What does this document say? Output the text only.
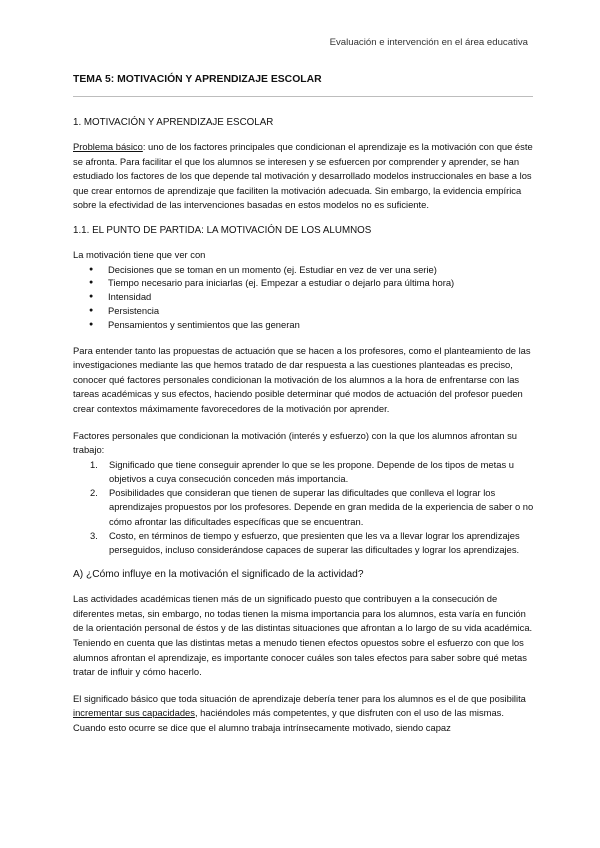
Evaluación e intervención en el área educativa
TEMA 5: MOTIVACIÓN Y APRENDIZAJE ESCOLAR
1. MOTIVACIÓN Y APRENDIZAJE ESCOLAR

Problema básico: uno de los factores principales que condicionan el aprendizaje es la motivación con que éste se afronta. Para facilitar el que los alumnos se interesen y se esfuercen por comprender y aprender, se han estudiado los factores de los que depende tal motivación y desarrollado modelos instruccionales en base a los que crear entornos de aprendizaje que faciliten la motivación adecuada. Sin embargo, la evidencia empírica sobre la efectividad de las intervenciones basadas en estos modelos no es suficiente.

1.1. EL PUNTO DE PARTIDA: LA MOTIVACIÓN DE LOS ALUMNOS

La motivación tiene que ver con

● Decisiones que se toman en un momento (ej. Estudiar en vez de ver una serie)
● Tiempo necesario para iniciarlas (ej. Empezar a estudiar o dejarlo para última hora)
● Intensidad
● Persistencia
● Pensamientos y sentimientos que las generan

Para entender tanto las propuestas de actuación que se hacen a los profesores, como el planteamiento de las investigaciones mediante las que hemos tratado de dar respuesta a las cuestiones planteadas es preciso, conocer qué factores personales condicionan la motivación de los alumnos a la hora de enfrentarse con las tareas académicas y sus efectos, haciendo posible determinar qué modos de actuación del profesor pueden crear contextos máximamente favorecedores de la motivación por aprender.

Factores personales que condicionan la motivación (interés y esfuerzo) con la que los alumnos afrontan su trabajo:

1. Significado que tiene conseguir aprender lo que se les propone. Depende de los tipos de metas u objetivos a cuya consecución conceden más importancia.
2. Posibilidades que consideran que tienen de superar las dificultades que conlleva el lograr los aprendizajes propuestos por los profesores. Depende en gran medida de la experiencia de saber o no cómo afrontar las dificultades específicas que se encuentran.
3. Costo, en términos de tiempo y esfuerzo, que presienten que les va a llevar lograr los aprendizajes perseguidos, incluso considerándose capaces de superar las dificultades y lograr los aprendizajes.
A) ¿Cómo influye en la motivación el significado de la actividad?

Las actividades académicas tienen más de un significado puesto que contribuyen a la consecución de diferentes metas, sin embargo, no todas tienen la misma importancia para los alumnos, esta varía en función de la orientación personal de éstos y de las distintas situaciones que afrontan a lo largo de su vida académica. Teniendo en cuenta que las distintas metas a menudo tienen efectos opuestos sobre el esfuerzo con que los alumnos afrontan el aprendizaje, es importante conocer cuáles son tales efectos para saber sobre qué metas tratar de influir y cómo hacerlo.

El significado básico que toda situación de aprendizaje debería tener para los alumnos es el de que posibilita incrementar sus capacidades, haciéndoles más competentes, y que disfruten con el uso de las mismas. Cuando esto ocurre se dice que el alumno trabaja intrínsecamente motivado, siendo capaz
